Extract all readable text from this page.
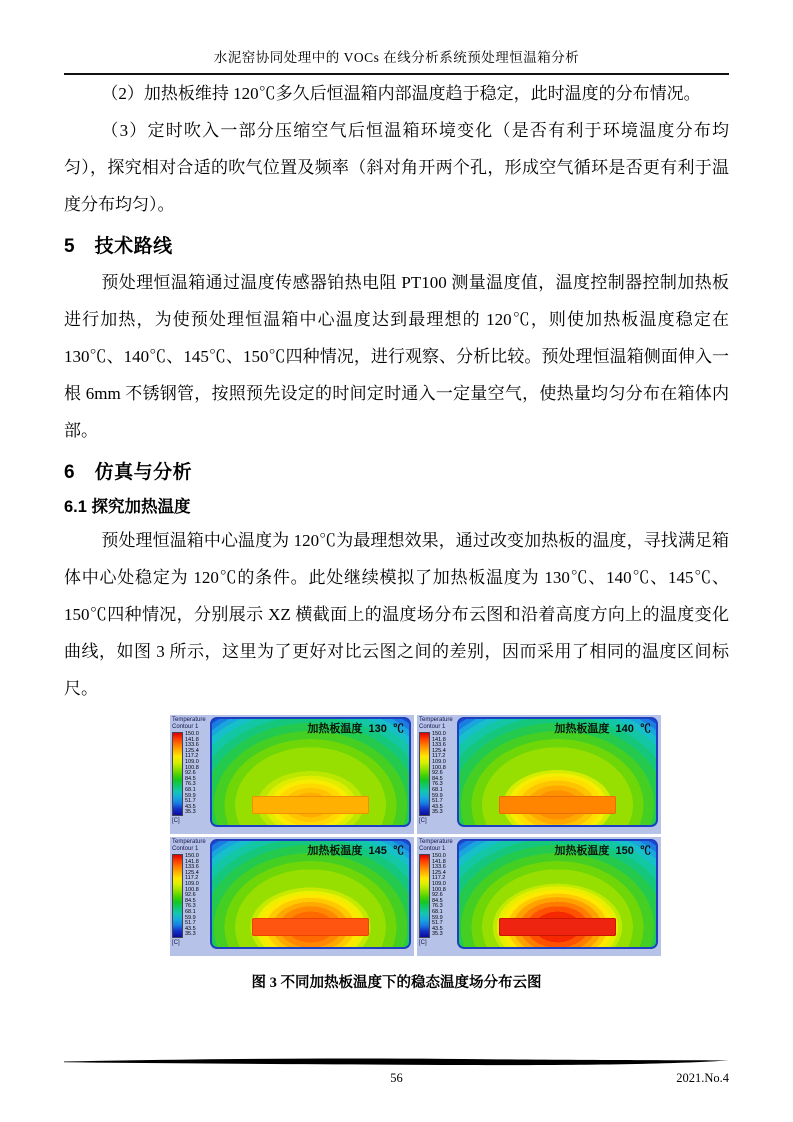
水泥窑协同处理中的 VOCs 在线分析系统预处理恒温箱分析

（2）加热板维持 120℃多久后恒温箱内部温度趋于稳定，此时温度的分布情况。

（3）定时吹入一部分压缩空气后恒温箱环境变化（是否有利于环境温度分布均匀），探究相对合适的吹气位置及频率（斜对角开两个孔，形成空气循环是否更有利于温度分布均匀）。

5　技术路线

预处理恒温箱通过温度传感器铂热电阻 PT100 测量温度值，温度控制器控制加热板进行加热，为使预处理恒温箱中心温度达到最理想的 120℃，则使加热板温度稳定在 130℃、140℃、145℃、150℃四种情况，进行观察、分析比较。预处理恒温箱侧面伸入一根 6mm 不锈钢管，按照预先设定的时间定时通入一定量空气，使热量均匀分布在箱体内部。

6　仿真与分析
6.1 探究加热温度

预处理恒温箱中心温度为 120℃为最理想效果，通过改变加热板的温度，寻找满足箱体中心处稳定为 120℃的条件。此处继续模拟了加热板温度为 130℃、140℃、145℃、150℃四种情况，分别展示 XZ 横截面上的温度场分布云图和沿着高度方向上的温度变化曲线，如图 3 所示，这里为了更好对比云图之间的差别，因而采用了相同的温度区间标尺。

Temperature
Contour 1
150.0
141.8
133.6
125.4
117.2
109.0
100.8
92.6
84.5
76.3
68.1
59.9
51.7
43.5
35.3
[C]
加热板温度  130  ℃
Temperature
Contour 1
150.0
141.8
133.6
125.4
117.2
109.0
100.8
92.6
84.5
76.3
68.1
59.9
51.7
43.5
35.3
[C]
加热板温度  140  ℃
Temperature
Contour 1
150.0
141.8
133.6
125.4
117.2
109.0
100.8
92.6
84.5
76.3
68.1
59.9
51.7
43.5
35.3
[C]
加热板温度  145  ℃
Temperature
Contour 1
150.0
141.8
133.6
125.4
117.2
109.0
100.8
92.6
84.5
76.3
68.1
59.9
51.7
43.5
35.3
[C]
加热板温度  150  ℃
图 3 不同加热板温度下的稳态温度场分布云图
56	2021.No.4
